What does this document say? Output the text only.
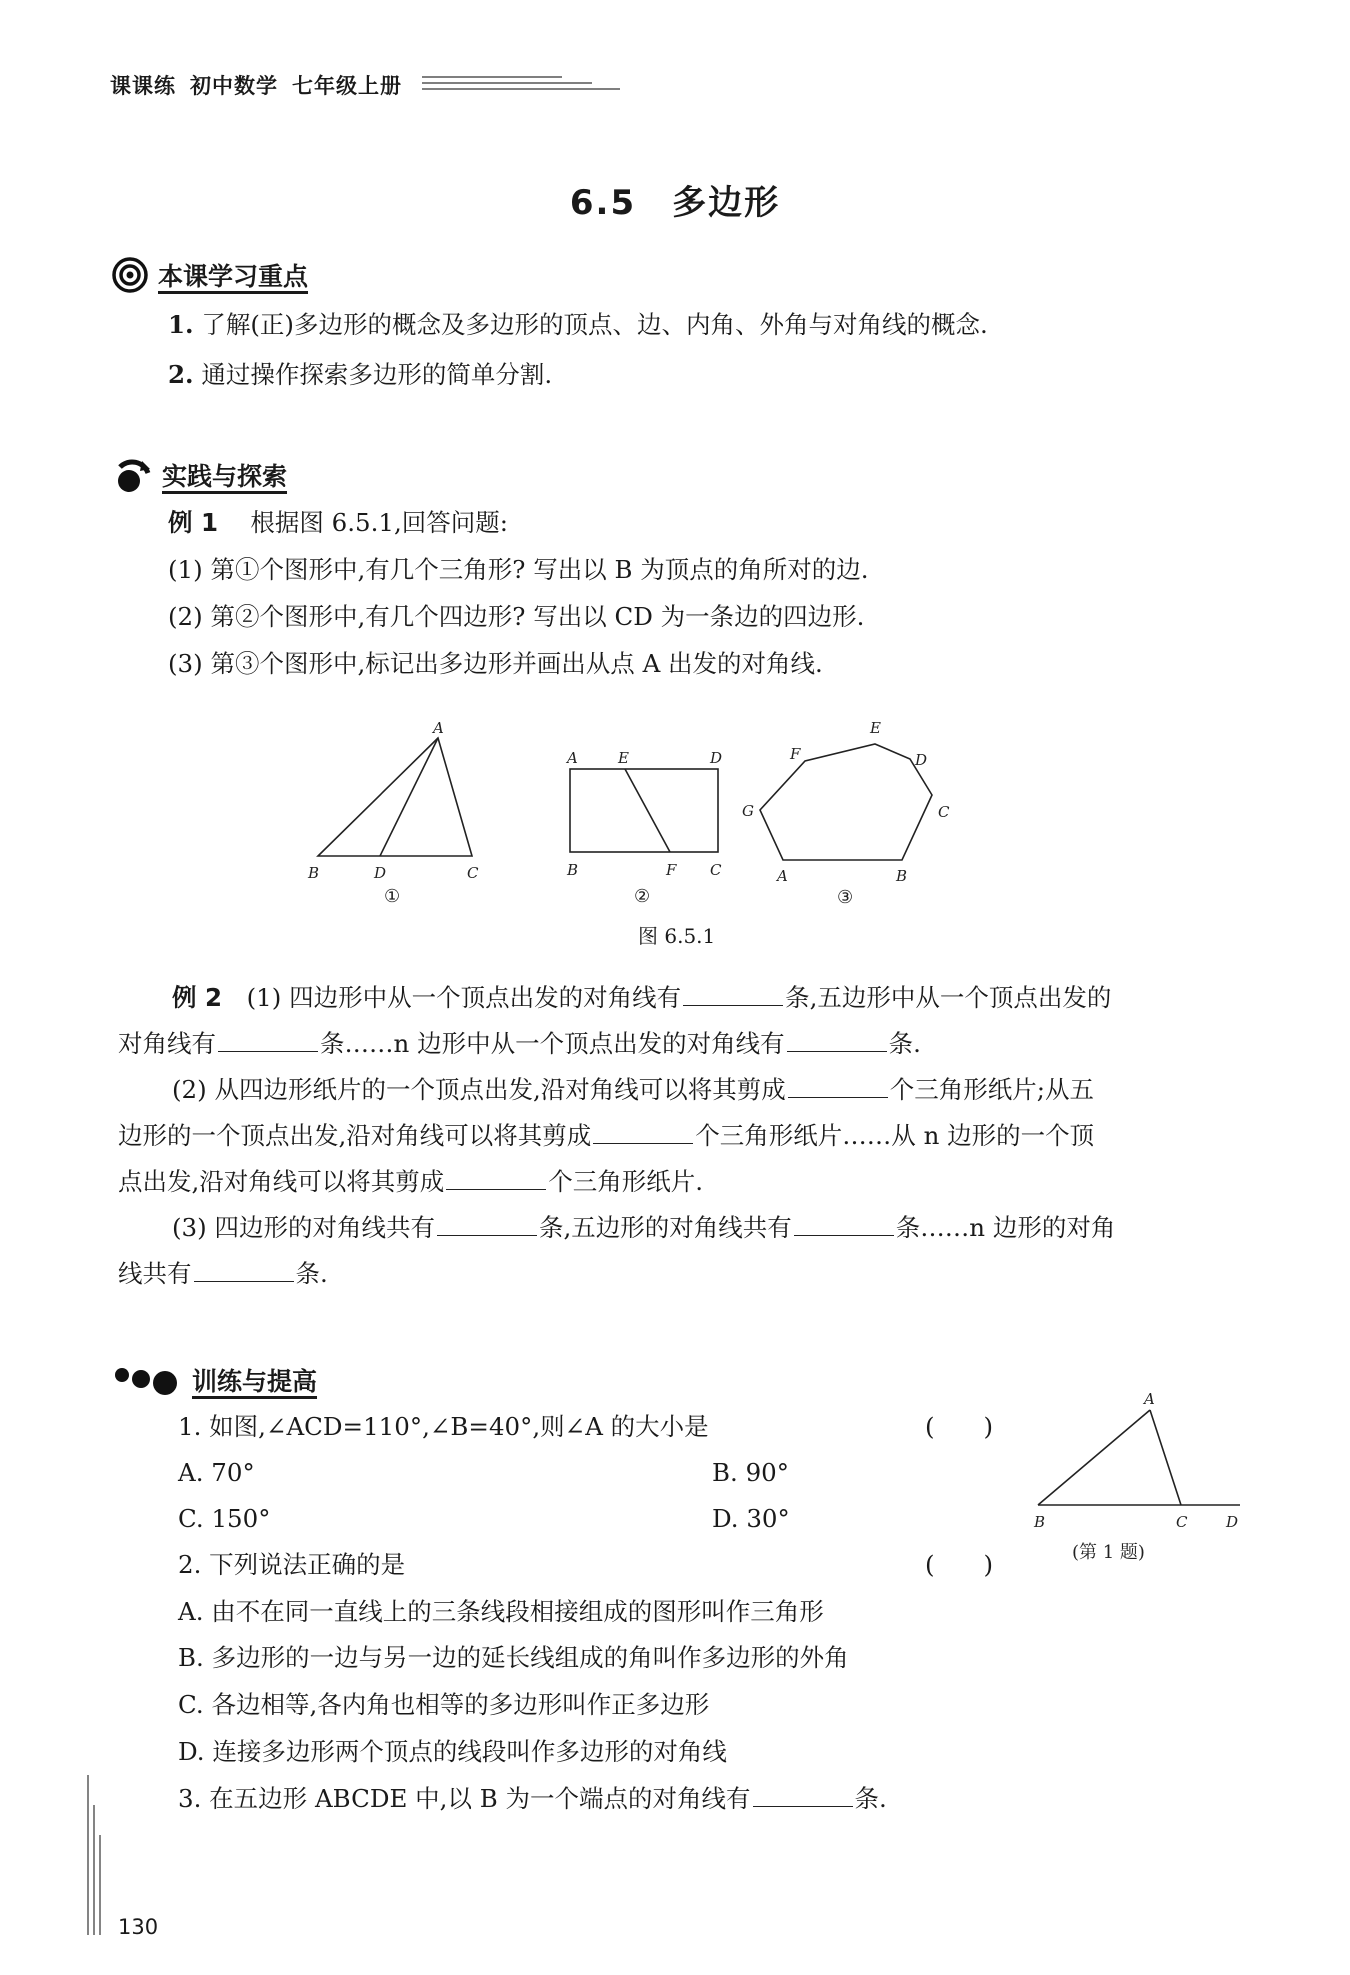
课课练 初中数学 七年级上册
6.5　多边形
本课学习重点
1. 了解(正)多边形的概念及多边形的顶点、边、内角、外角与对角线的概念.
2. 通过操作探索多边形的简单分割.
实践与探索
例 1　 根据图 6.5.1,回答问题:
(1) 第①个图形中,有几个三角形? 写出以 B 为顶点的角所对的边.
(2) 第②个图形中,有几个四边形? 写出以 CD 为一条边的四边形.
(3) 第③个图形中,标记出多边形并画出从点 A 出发的对角线.
A
B	D	C
①
A	E	D
B	F C
②
E
F	D
G	C
A	B
③
图 6.5.1
例 2　 (1) 四边形中从一个顶点出发的对角线有	条,五边形中从一个顶点出发的
对角线有	条……n 边形中从一个顶点出发的对角线有	条.
(2) 从四边形纸片的一个顶点出发,沿对角线可以将其剪成	个三角形纸片;从五
边形的一个顶点出发,沿对角线可以将其剪成	个三角形纸片……从 n 边形的一个顶
点出发,沿对角线可以将其剪成	个三角形纸片.
(3) 四边形的对角线共有	条,五边形的对角线共有	条……n 边形的对角
线共有	条.
训练与提高
1. 如图,∠ACD=110°,∠B=40°,则∠A 的大小是	(　　)
A. 70°	B. 90°
C. 150°	D. 30°
A
B	C	D
(第 1 题)
2. 下列说法正确的是	(　　)
A. 由不在同一直线上的三条线段相接组成的图形叫作三角形
B. 多边形的一边与另一边的延长线组成的角叫作多边形的外角
C. 各边相等,各内角也相等的多边形叫作正多边形
D. 连接多边形两个顶点的线段叫作多边形的对角线
3. 在五边形 ABCDE 中,以 B 为一个端点的对角线有	条.
130
